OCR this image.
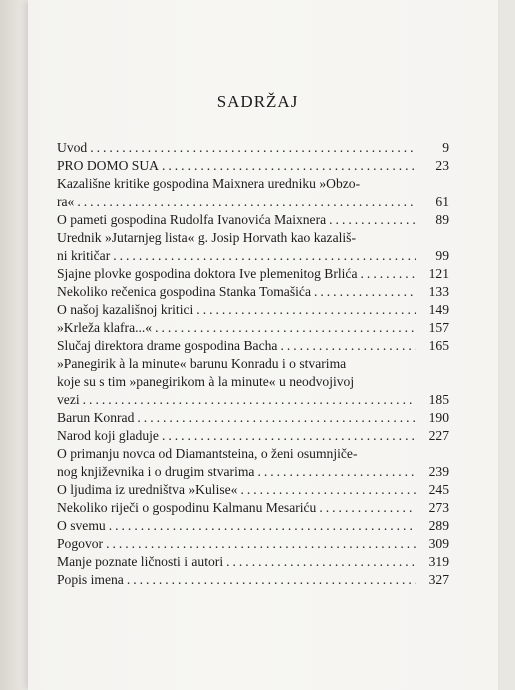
SADRŽAJ
Uvod .....	9
PRO DOMO SUA .....	23
Kazališne kritike gospodina Maixnera uredniku »Obzo-
ra« .....	61
O pameti gospodina Rudolfa Ivanovića Maixnera .....	89
Urednik »Jutarnjeg lista« g. Josip Horvath kao kazališ-
ni kritičar .....	99
Sjajne plovke gospodina doktora Ive plemenitog Brlića .....	121
Nekoliko rečenica gospodina Stanka Tomašića .....	133
O našoj kazališnoj kritici .....	149
»Krleža klafra...« .....	157
Slučaj direktora drame gospodina Bacha .....	165
»Panegirik à la minute« barunu Konradu i o stvarima
koje su s tim »panegirikom à la minute« u neodvojivoj
vezi .....	185
Barun Konrad .....	190
Narod koji gladuje .....	227
O primanju novca od Diamantsteina, o ženi osumnjiče-
nog književnika i o drugim stvarima .....	239
O ljudima iz uredništva »Kulise« .....	245
Nekoliko riječi o gospodinu Kalmanu Mesariću .....	273
O svemu .....	289
Pogovor .....	309
Manje poznate ličnosti i autori .....	319
Popis imena .....	327
